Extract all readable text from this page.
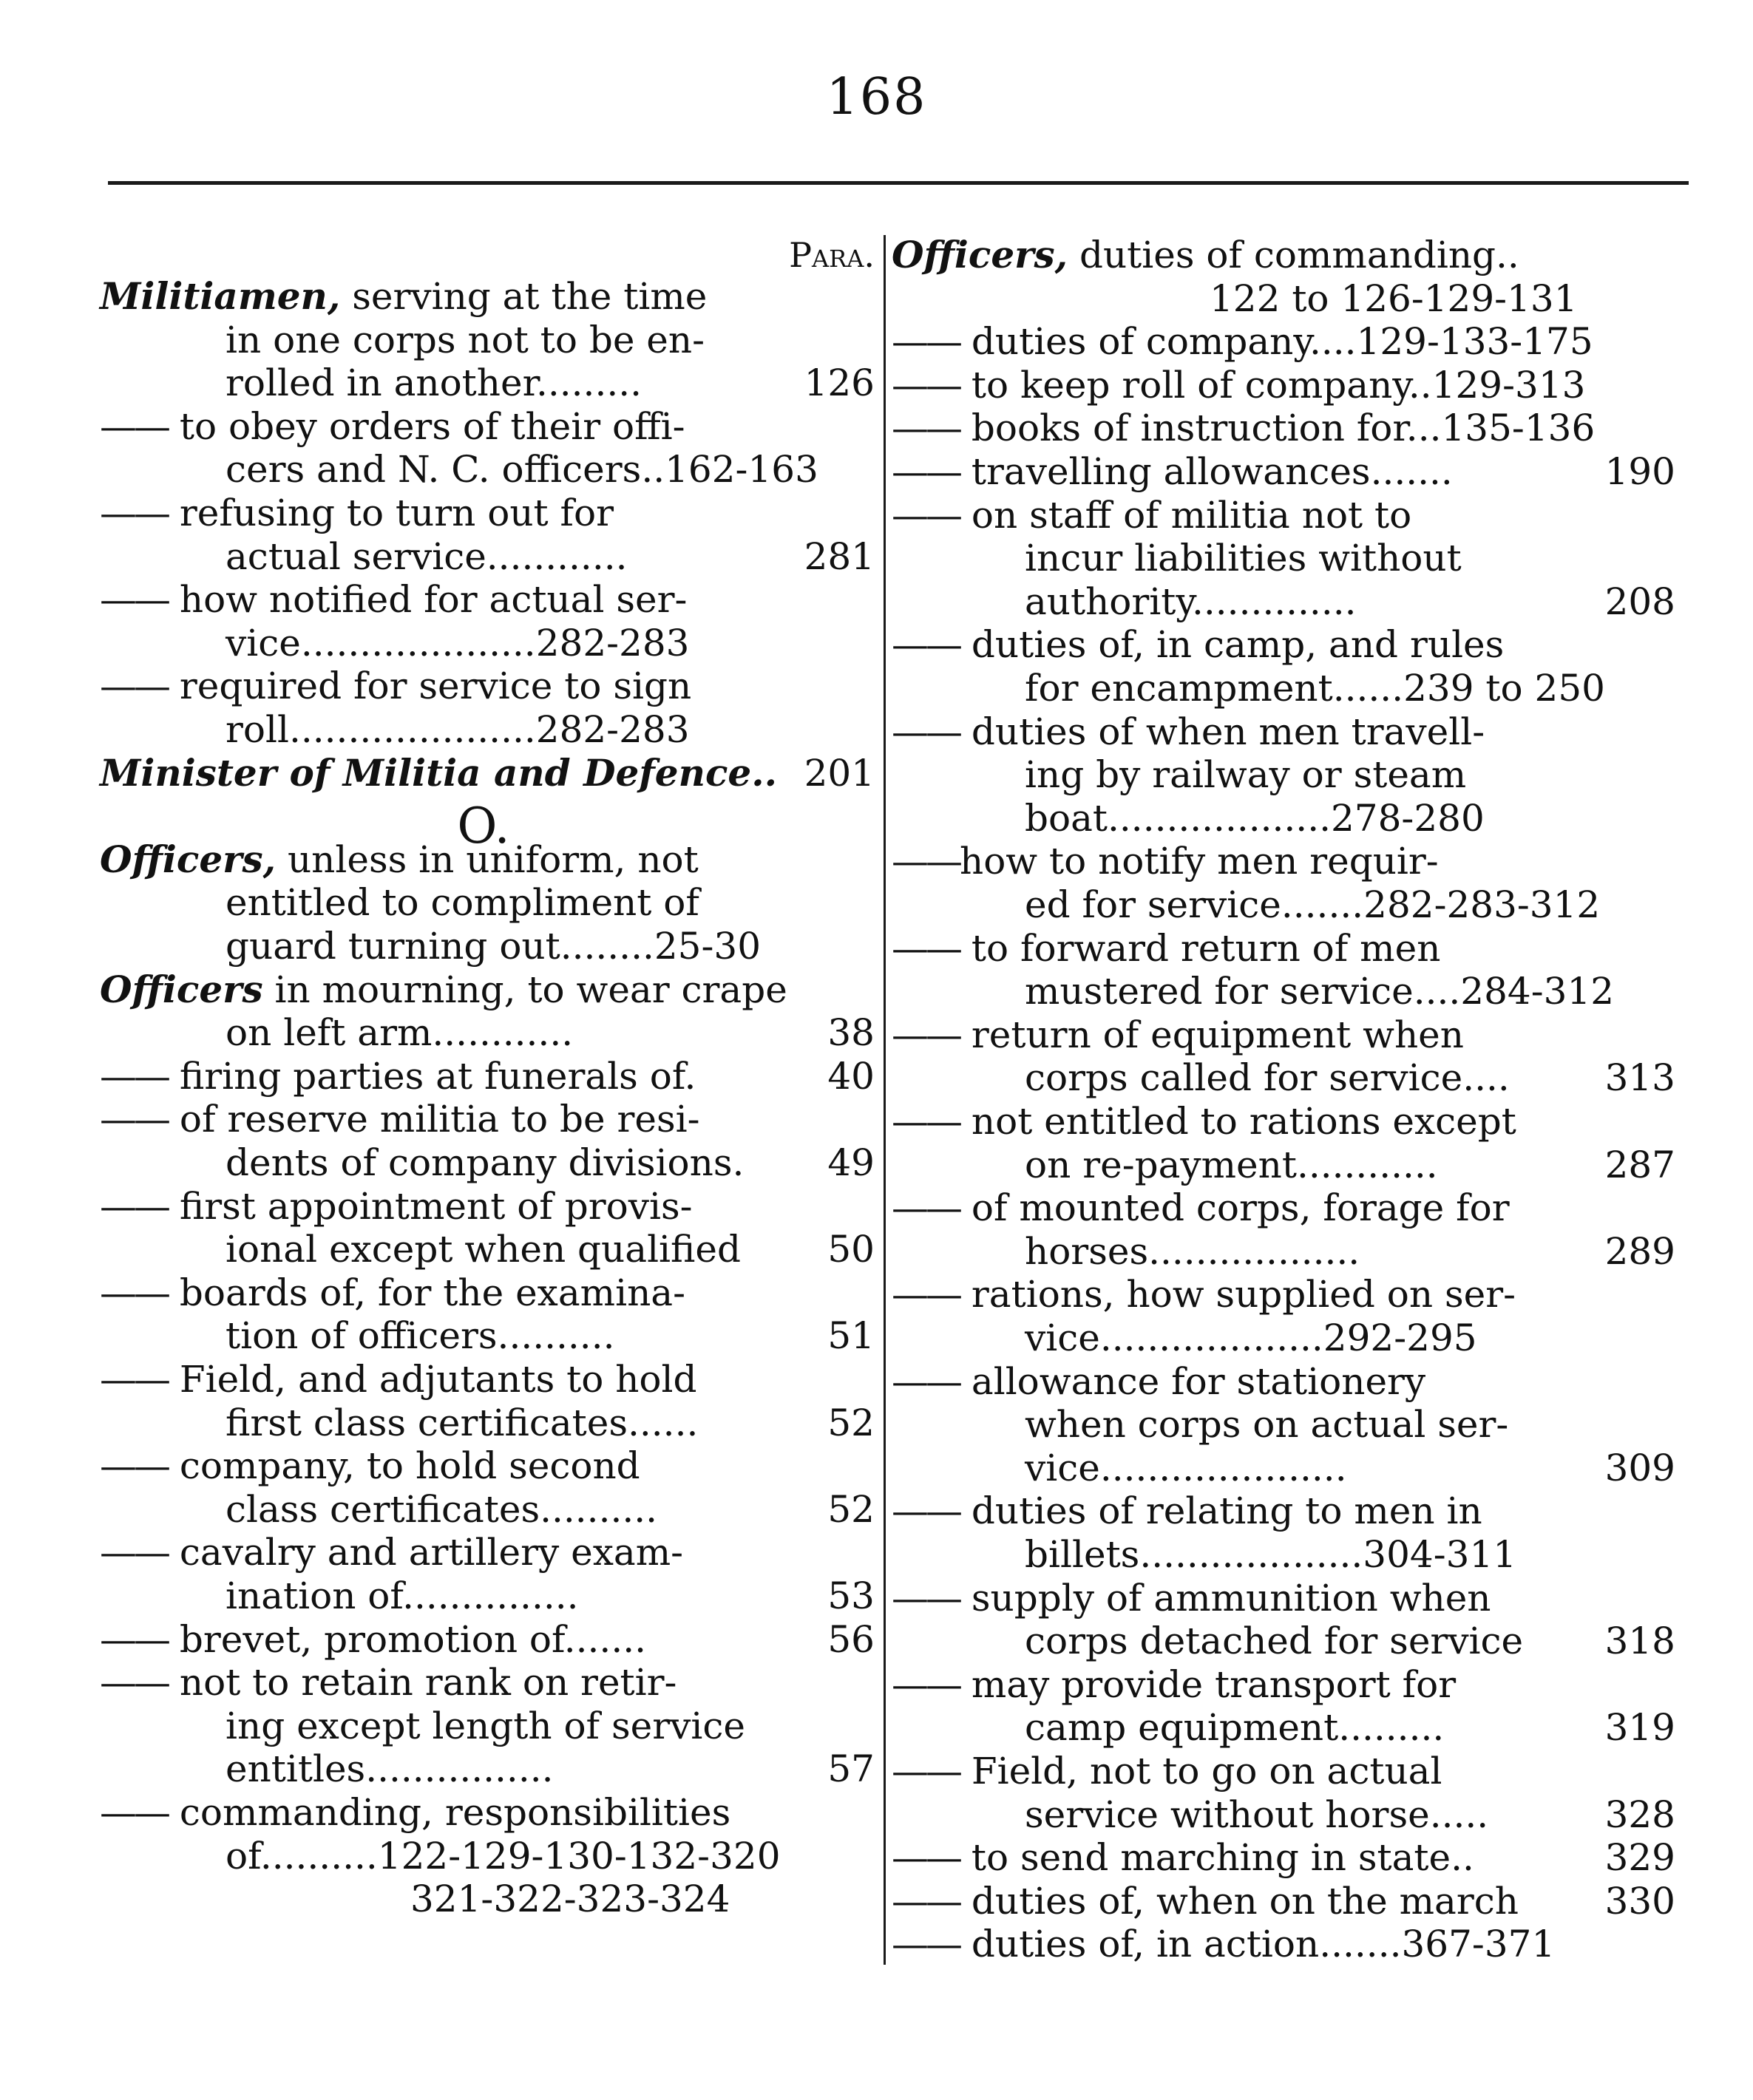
168
Para.
Militiamen, serving at the time
in one corps not to be en-
rolled in another.........	126
—— to obey orders of their offi-
cers and N. C. officers..162-163
—— refusing to turn out for
actual service............	281
—— how notified for actual ser-
vice....................282-283
—— required for service to sign
roll.....................282-283
Minister of Militia and Defence.. 201
O.
Officers, unless in uniform, not
entitled to compliment of
guard turning out........25-30
Officers in mourning, to wear crape
on left arm............	38
—— firing parties at funerals of.	40
—— of reserve militia to be resi-
dents of company divisions. 49
—— first appointment of provis-
ional except when qualified 50
—— boards of, for the examina-
tion of officers..........	51
—— Field, and adjutants to hold
first class certificates......	52
—— company, to hold second
class certificates..........	52
—— cavalry and artillery exam-
ination of...............	53
—— brevet, promotion of.......	56
—— not to retain rank on retir-
ing except length of service
entitles................	57
—— commanding, responsibilities
of..........122-129-130-132-320
321-322-323-324
Officers, duties of commanding..
122 to 126-129-131
—— duties of company....129-133-175
—— to keep roll of company..129-313
—— books of instruction for...135-136
—— travelling allowances.......	190
—— on staff of militia not to
incur liabilities without
authority..............	208
—— duties of, in camp, and rules
for encampment......239 to 250
—— duties of when men travell-
ing by railway or steam
boat...................278-280
——how to notify men requir-
ed for service.......282-283-312
—— to forward return of men
mustered for service....284-312
—— return of equipment when
corps called for service....	313
—— not entitled to rations except
on re-payment............	287
—— of mounted corps, forage for
horses..................	289
—— rations, how supplied on ser-
vice...................292-295
—— allowance for stationery
when corps on actual ser-
vice.....................	309
—— duties of relating to men in
billets...................304-311
—— supply of ammunition when
corps detached for service 318
—— may provide transport for
camp equipment.........	319
—— Field, not to go on actual
service without horse.....	328
—— to send marching in state..	329
—— duties of, when on the march 330
—— duties of, in action.......367-371
